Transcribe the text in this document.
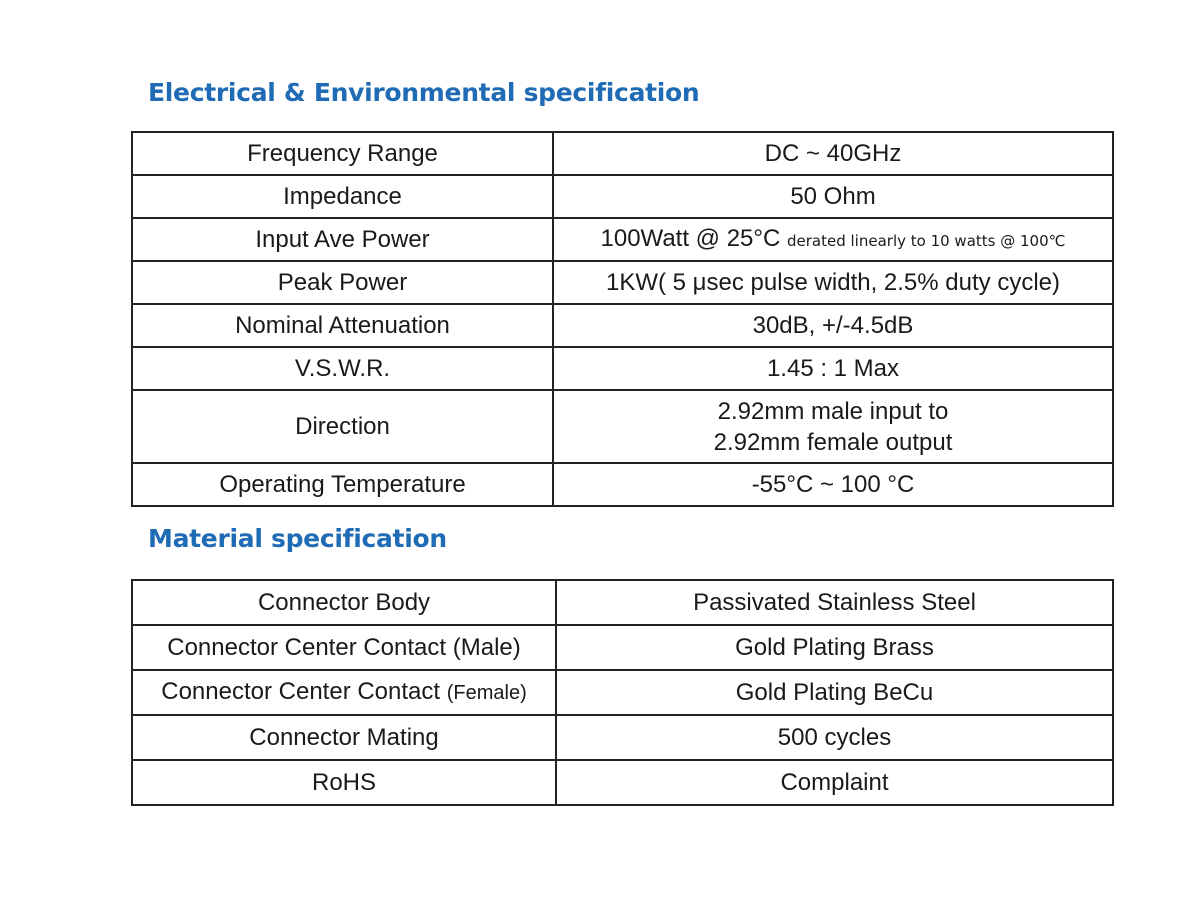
Electrical & Environmental specification
Frequency Range	DC ~ 40GHz
Impedance	50 Ohm
Input Ave Power	100Watt @ 25°C derated linearly to 10 watts @ 100℃
Peak Power	1KW( 5 μsec pulse width, 2.5% duty cycle)
Nominal Attenuation	30dB, +/-4.5dB
V.S.W.R.	1.45 : 1 Max
Direction	2.92mm male input to
2.92mm female output

Operating Temperature	-55°C ~ 100 °C
Material specification
Connector Body	Passivated Stainless Steel
Connector Center Contact (Male)	Gold Plating Brass
Connector Center Contact (Female)	Gold Plating BeCu
Connector Mating	500 cycles
RoHS	Complaint
